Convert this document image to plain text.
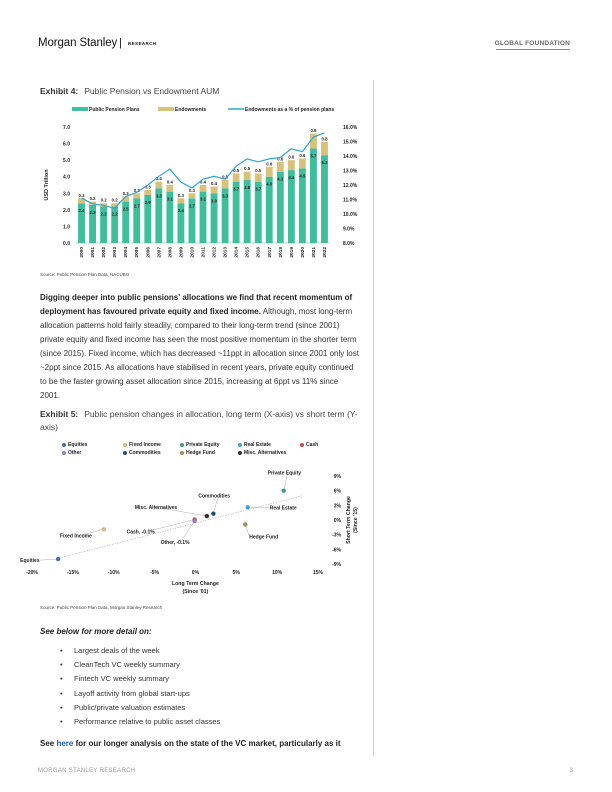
Morgan Stanley | RESEARCH	GLOBAL FOUNDATION
Exhibit 4: Public Pension vs Endowment AUM
Public Pension Plans	Endowments	Endowments as a % of pension plans
0.0
1.0
2.0
3.0
4.0
5.0
6.0
7.0
8.0%
9.0%
10.0%
11.0%
12.0%
13.0%
14.0%
15.0%
16.0%
USD Trillion
2.4
0.3
2000
2.3
0.2
2001
2.2
0.2
2002
2.2
0.2
2003
2.5
0.3
2004
2.7
0.3
2005
2.9
0.3
2006
3.3
0.4
2007
3.1
0.4
2008
2.4
0.3
2009
2.7
0.3
2010
3.1
0.4
2011
3.0
0.4
2012
3.3
0.5
2013
3.7
0.5
2014
3.8
0.5
2015
3.7
0.5
2016
4.0
0.6
2017
4.3
0.6
2018
4.4
0.6
2019
4.5
0.6
2020
5.7
0.9
2021
5.3
0.8
2022
Source: Public Pension Plan Data, NACUBO
Digging deeper into public pensions' allocations we find that recent momentum of deployment has favoured private equity and fixed income. Although, most long-term allocation patterns hold fairly steadily, compared to their long-term trend (since 2001) private equity and fixed income has seen the most positive momentum in the shorter term (since 2015). Fixed income, which has decreased ~11ppt in allocation since 2001 only lost ~2ppt since 2015. As allocations have stabilised in recent years, private equity continued to be the faster growing asset allocation since 2015, increasing at 6ppt vs 11% since 2001.
Exhibit 5: Public pension changes in allocation, long term (X-axis) vs short term (Y-axis)
Equities	Fixed Income	Private Equity	Real Estate	Cash
Other	Commodities	Hedge Fund	Misc. Alternatives
-20%	-15%	-10%	-5%	0%	5%	10%	15%
-9%
-6%
-3%
0%
3%
6%
9%
Long Term Change
(Since '01)
Short Term Change (Since '15)
Equities
Fixed Income
Private Equity
Real Estate
Cash, -0.1%
Other, -0.1%
Commodities
Hedge Fund
Misc. Alternatives
Source: Public Pension Plan Data, Morgan Stanley Research
See below for more detail on:
• Largest deals of the week
• CleanTech VC weekly summary
• Fintech VC weekly summary
• Layoff activity from global start-ups
• Public/private valuation estimates
• Performance relative to public asset classes
See here for our longer analysis on the state of the VC market, particularly as it
MORGAN STANLEY RESEARCH	3
